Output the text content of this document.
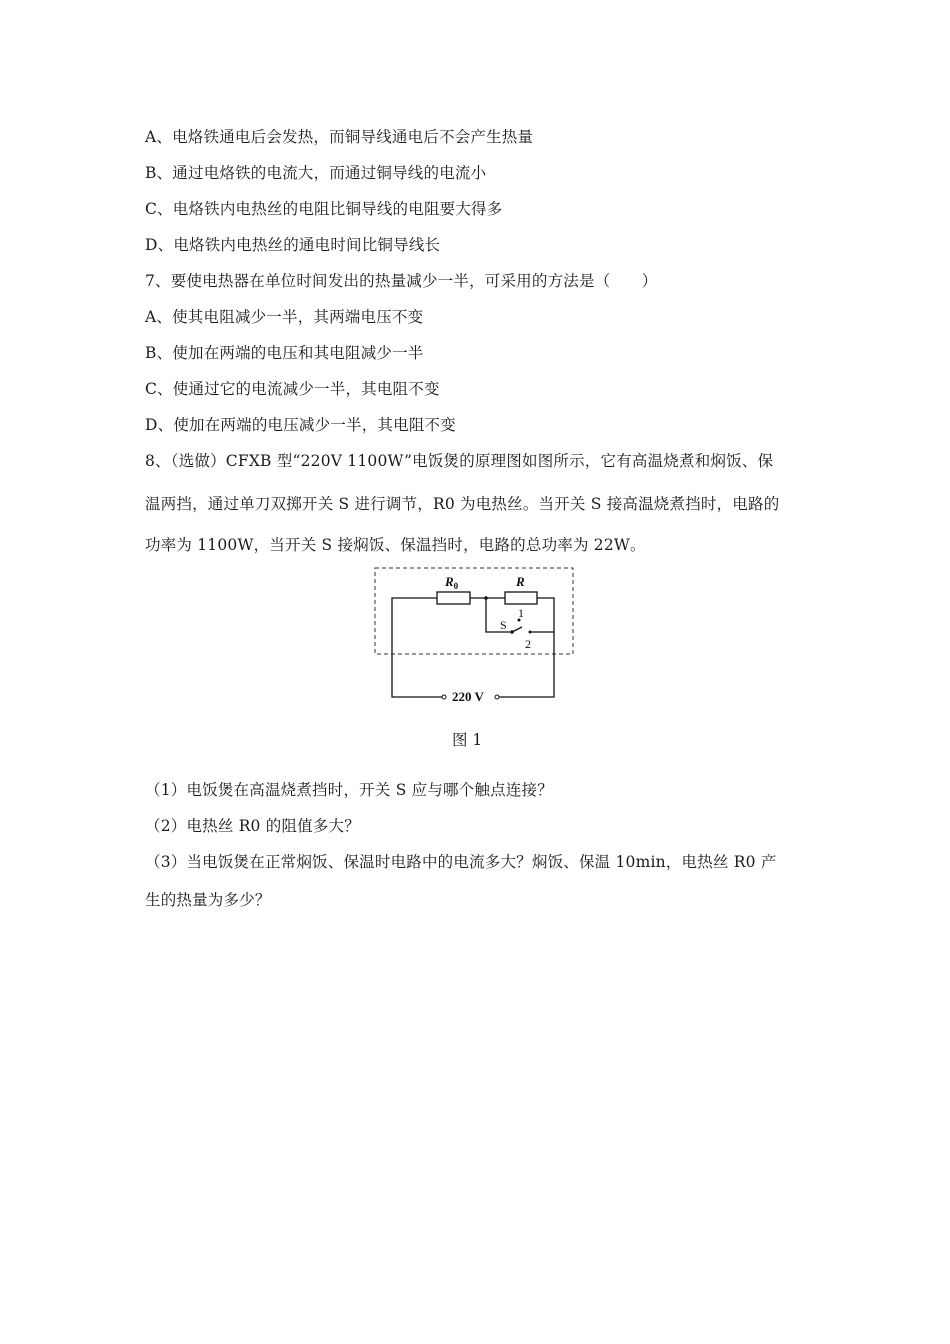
A、电烙铁通电后会发热，而铜导线通电后不会产生热量
B、通过电烙铁的电流大，而通过铜导线的电流小
C、电烙铁内电热丝的电阻比铜导线的电阻要大得多
D、电烙铁内电热丝的通电时间比铜导线长
7、要使电热器在单位时间发出的热量减少一半，可采用的方法是（　　）
A、使其电阻减少一半，其两端电压不变
B、使加在两端的电压和其电阻减少一半
C、使通过它的电流减少一半，其电阻不变
D、使加在两端的电压减少一半，其电阻不变
8、（选做）CFXB 型“220V 1100W”电饭煲的原理图如图所示，它有高温烧煮和焖饭、保
温两挡，通过单刀双掷开关 S 进行调节，R0 为电热丝。当开关 S 接高温烧煮挡时，电路的
功率为 1100W，当开关 S 接焖饭、保温挡时，电路的总功率为 22W。
$R_0$	R
S
1
2
220 V
图 1
（1）电饭煲在高温烧煮挡时，开关 S 应与哪个触点连接？
（2）电热丝 R0 的阻值多大？
（3）当电饭煲在正常焖饭、保温时电路中的电流多大？焖饭、保温 10min，电热丝 R0 产
生的热量为多少？
